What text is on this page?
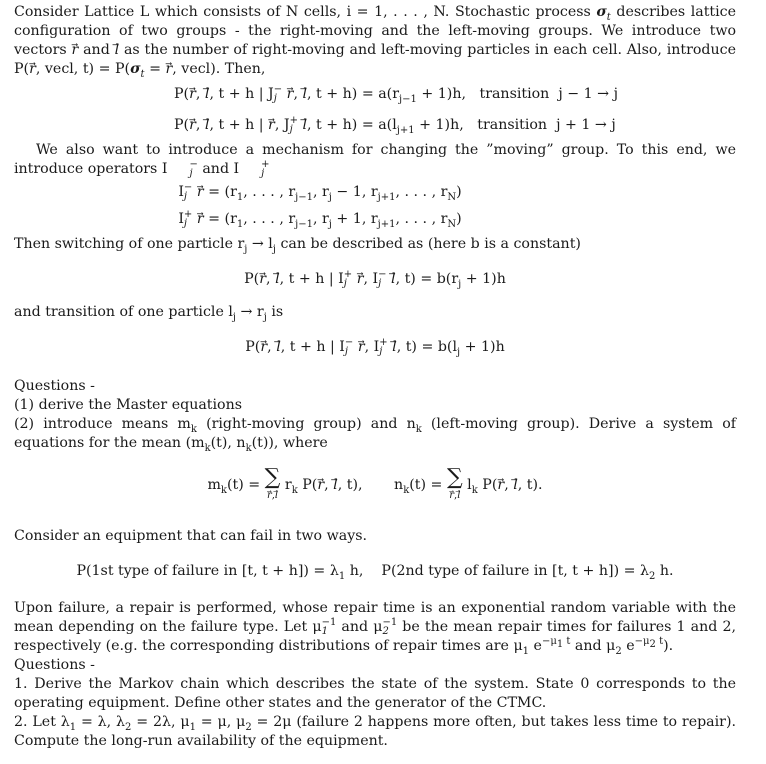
Consider Lattice L which consists of N cells, i = 1, . . . , N. Stochastic process $\sigma_t$ describes lattice configuration of two groups - the right-moving and the left-moving groups. We introduce two vectors r⃗ and l⃗ as the number of right-moving and left-moving particles in each cell. Also, introduce P(r⃗, vecl, $t) = P(\sigma_t$ = r⃗, vecl). Then,

P(r⃗, l⃗, t + h | J −
j r⃗, l⃗, $t + h) = a(r_{j-1} + 1)h$,   transition  j − 1 → j
P(r⃗, l⃗, t + h | r⃗, J +
j l⃗, $t + h) = a(l_{j+1} + 1)h$,   transition  j + 1 → j

We also want to introduce a mechanism for changing the ”moving” group. To this end, we introduce operators I	−
j and I	+
j

I −
j r⃗ = ($r_1$, . . . , $r_{j-1}$, $r_j - 1$, $r_{j+1}$, . . . , $r_N$)

I +
j r⃗ = ($r_1$, . . . , $r_{j-1}$, $r_j + 1$, $r_{j+1}$, . . . , $r_N$)

Then switching of one particle $r_j \to l_j$ can be described as (here b is a constant)

P(r⃗, l⃗, t + h | I +
j r⃗, I −
j l⃗, $t) = b(r_j + 1)h$

and transition of one particle $l_j \to r_j$ is

P(r⃗, l⃗, t + h | I −
j r⃗, I +
j l⃗, $t) = b(l_j + 1)h$

Questions -

(1) derive the Master equations

(2) introduce means $m_k$ (right-moving group) and $n_k$ (left-moving group). Derive a system of equations for the mean ($m_k(t)$, $n_k(t)$), where

$m_k(t)$ = ∑
r⃗,l
$r_k$ P(r⃗, l⃗, t),       $n_k(t)$ = ∑
r⃗,l
$l_k$ P(r⃗, l⃗, t).

Consider an equipment that can fail in two ways.

P(1st type of failure in [t, $t + h]) = \lambda_1$ h,    P(2nd type of failure in [t, $t + h]) = \lambda_2$ h.

Upon failure, a repair is performed, whose repair time is an exponential random variable with the mean depending on the failure type. Let μ −1
1 and μ −1
2 be the mean repair times for failures 1 and 2, respectively (e.g. the corresponding distributions of repair times are $\mu_1$ $e^{-\mu_1 t}$ and $\mu_2$ $e^{-\mu_2 t}$).

Questions -

1. Derive the Markov chain which describes the state of the system. State 0 corresponds to the operating equipment. Define other states and the generator of the CTMC.

2. Let $\lambda_1 = \lambda$, $\lambda_2 = 2\lambda$, $\mu_1 = \mu$, $\mu_2 = 2\mu$ (failure 2 happens more often, but takes less time to repair). Compute the long-run availability of the equipment.
